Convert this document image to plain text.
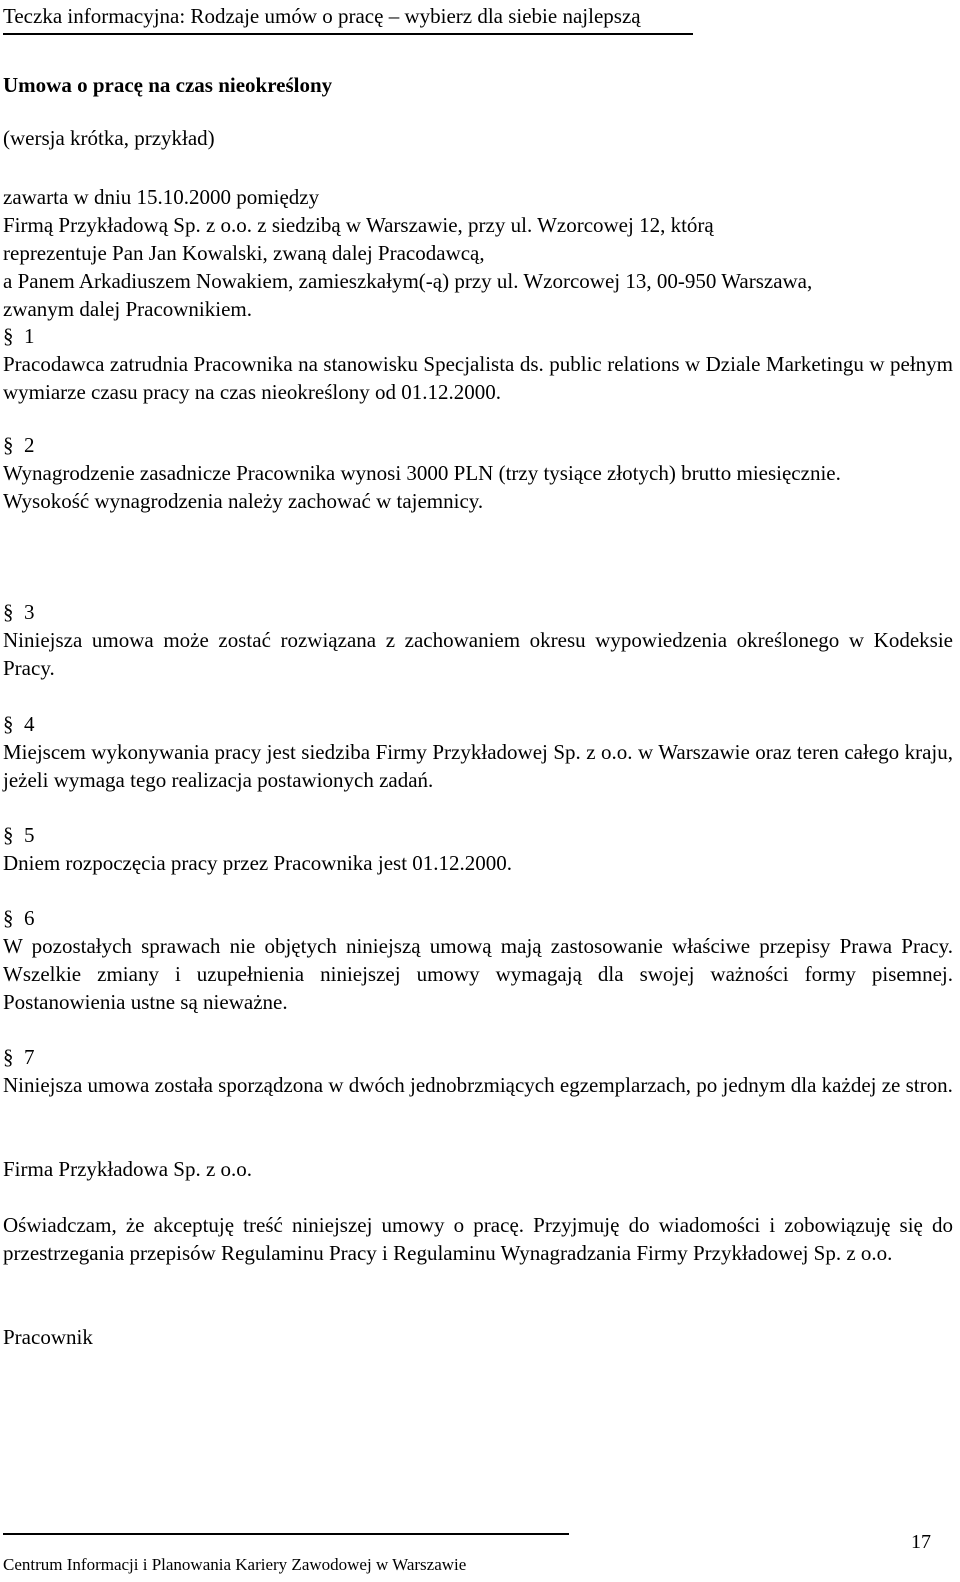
Teczka informacyjna: Rodzaje umów o pracę – wybierz dla siebie najlepszą
Umowa o pracę na czas nieokreślony
(wersja krótka, przykład)
zawarta w dniu 15.10.2000 pomiędzy
Firmą Przykładową Sp. z o.o. z siedzibą w Warszawie, przy ul. Wzorcowej 12, którą
reprezentuje Pan Jan Kowalski, zwaną dalej Pracodawcą,
a Panem Arkadiuszem Nowakiem, zamieszkałym(-ą) przy ul. Wzorcowej 13, 00-950 Warszawa,
zwanym dalej Pracownikiem.
§ 1

Pracodawca zatrudnia Pracownika na stanowisku Specjalista ds. public relations w Dziale Marketingu w pełnym wymiarze czasu pracy na czas nieokreślony od 01.12.2000.

§ 2

Wynagrodzenie zasadnicze Pracownika wynosi 3000 PLN (trzy tysiące złotych) brutto miesięcznie.

Wysokość wynagrodzenia należy zachować w tajemnicy.

§ 3

Niniejsza umowa może zostać rozwiązana z zachowaniem okresu wypowiedzenia określonego w Kodeksie Pracy.

§ 4

Miejscem wykonywania pracy jest siedziba Firmy Przykładowej Sp. z o.o. w Warszawie oraz teren całego kraju, jeżeli wymaga tego realizacja postawionych zadań.

§ 5

Dniem rozpoczęcia pracy przez Pracownika jest 01.12.2000.

§ 6

W pozostałych sprawach nie objętych niniejszą umową mają zastosowanie właściwe przepisy Prawa Pracy. Wszelkie zmiany i uzupełnienia niniejszej umowy wymagają dla swojej ważności formy pisemnej. Postanowienia ustne są nieważne.

§ 7

Niniejsza umowa została sporządzona w dwóch jednobrzmiących egzemplarzach, po jednym dla każdej ze stron.

Firma Przykładowa Sp. z o.o.

Oświadczam, że akceptuję treść niniejszej umowy o pracę. Przyjmuję do wiadomości i zobowiązuję się do przestrzegania przepisów Regulaminu Pracy i Regulaminu Wynagradzania Firmy Przykładowej Sp. z o.o.

Pracownik
Centrum Informacji i Planowania Kariery Zawodowej w Warszawie
17
